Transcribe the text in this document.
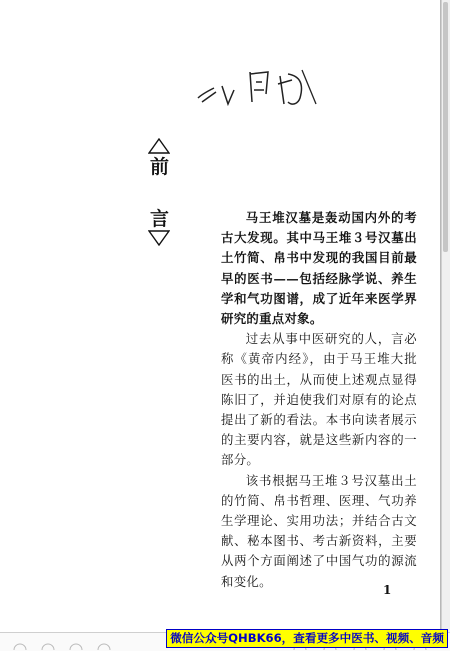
\ 气功
前
言	马王堆汉墓是轰动国内外的考古大发现。其中马王堆３号汉墓出土竹简、帛书中发现的我国目前最早的医书——包括经脉学说、养生学和气功图谱，成了近年来医学界研究的重点对象。

过去从事中医研究的人，言必称《黄帝内经》，由于马王堆大批医书的出土，从而使上述观点显得陈旧了，并迫使我们对原有的论点提出了新的看法。本书向读者展示的主要内容，就是这些新内容的一部分。

该书根据马王堆３号汉墓出土的竹简、帛书哲理、医理、气功养生学理论、实用功法；并结合古文献、秘本图书、考古新资料，主要从两个方面阐述了中国气功的源流和变化。

1
微信公众号QHBK66，查看更多中医书、视频、音频
